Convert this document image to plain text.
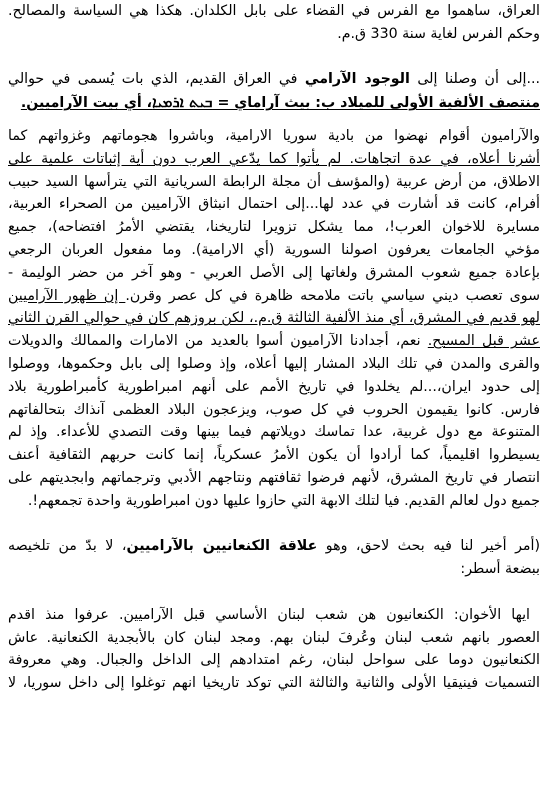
العراق، ساهموا مع الفرس في القضاء على بابل الكلدان. هكذا هي السياسة والمصالح.
وحكم الفرس لغاية سنة 330 ق.م.
...إلى أن وصلنا إلى الوجود الآرامي في العراق القديم، الذي بات يُسمى في حوالي
منتصف الألفية الأولى للميلاد ب: بيث آراماي = ܒܝܬ ܐܪܡܝܐ، أي بيت الآراميين.
والآراميون أقوام نهضوا من بادية سوريا الارامية، وباشروا هجوماتهم وغزواتهم كما
أشرنا أعلاه، في عدة اتجاهات. لم يأتوا كما يدّعي العرب دون أية إثباتات علمية على
الاطلاق، من أرض عربية (والمؤسف أن مجلة الرابطة السريانية التي يترأسها السيد حبيب
أفرام، كانت قد أشارت في عدد لها...إلى احتمال انبثاق الآراميين من الصحراء العربية،
مسايرة للاخوان العرب!، مما يشكل تزويرا لتاريخنا، يقتضي الأمرُ افتضاحه)، جميع
مؤخي الجامعات يعرفون اصولنا السورية (أي الارامية). وما مفعول العربان الرجعي
بإعادة جميع شعوب المشرق ولغاتها إلى الأصل العربي - وهو آخر من حضر الوليمة -
سوى تعصب ديني سياسي باتت ملامحه ظاهرة في كل عصر وقرن. إن ظهور الآراميين
لهو قديم في المشرق، أي منذ الألفية الثالثة ق.م.، لكن بروزهم كان في حوالي القرن الثاني
عشر قبل المسيح. نعم، أجدادنا الآراميون أسوا بالعديد من الامارات والممالك والدويلات
والقرى والمدن في تلك البلاد المشار إليها أعلاه، وإذ وصلوا إلى بابل وحكموها، ووصلوا
إلى حدود ايران،...لم يخلدوا في تاريخ الأمم على أنهم امبراطورية كأمبراطورية بلاد
فارس. كانوا يقيمون الحروب في كل صوب، ويزعجون البلاد العظمى آنذاك بتحالفاتهم
المتنوعة مع دول غربية، عدا تماسك دويلاتهم فيما بينها وقت التصدي للأعداء. وإذ لم
يسيطروا اقليمياً، كما أرادوا أن يكون الأمرُ عسكرياً، إنما كانت حربهم الثقافية أعنف
انتصار في تاريخ المشرق، لأنهم فرضوا ثقافتهم ونتاجهم الأدبي وترجماتهم وابجديتهم على
جميع دول لعالم القديم. فيا لتلك الابهة التي حازوا عليها دون امبراطورية واحدة تجمعهم!.
(أمر أخير لنا فيه بحث لاحق، وهو علاقة الكنعانيين بالآراميين، لا بدّ من تلخيصه
ببضعة أسطر:
ايها الأخوان: الكنعانيون هن شعب لبنان الأساسي قبل الآراميين. عرفوا منذ اقدم
العصور بانهم شعب لبنان وعُرفَ لبنان بهم. ومجد لبنان كان بالأبجدية الكنعانية. عاش
الكنعانيون دوما على سواحل لبنان، رغم امتدادهم إلى الداخل والجبال. وهي معروفة
التسميات فينيقيا الأولى والثانية والثالثة التي توكد تاريخيا انهم توغلوا إلى داخل سوريا، لا
